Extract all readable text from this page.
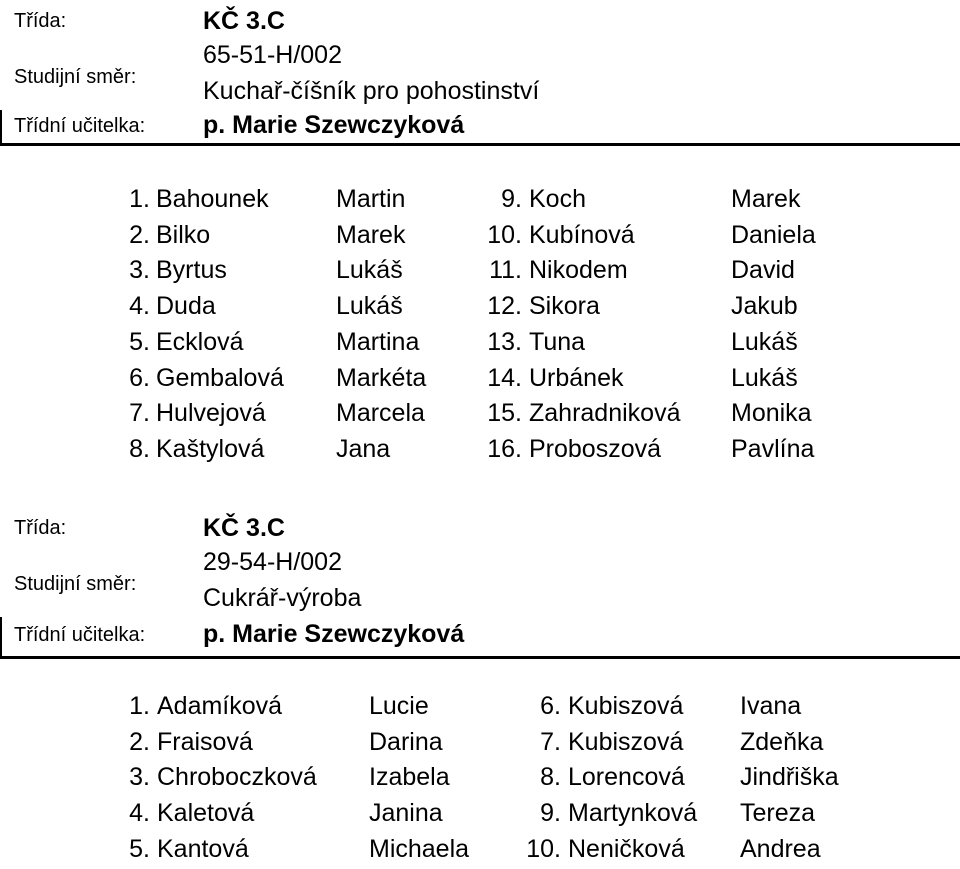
Třída:	KČ 3.C
Studijní směr:
65-51-H/002
Kuchař-číšník pro pohostinství
Třídní učitelka: p. Marie Szewczyková
1. Bahounek	Martin	9. Koch	Marek
2. Bilko	Marek	10. Kubínová	Daniela
3. Byrtus	Lukáš	11. Nikodem	David
4. Duda	Lukáš	12. Sikora	Jakub
5. Ecklová	Martina	13. Tuna	Lukáš
6. Gembalová Markéta 14. Urbánek	Lukáš
7. Hulvejová	Marcela 15. Zahradniková Monika
8. Kaštylová	Jana	16. Proboszová	Pavlína
Třída:	KČ 3.C
Studijní směr:
29-54-H/002
Cukrář-výroba
Třídní učitelka: p. Marie Szewczyková
1. Adamíková	Lucie	6. Kubiszová Ivana
2. Fraisová	Darina	7. Kubiszová Zdeňka
3. Chroboczková Izabela	8. Lorencová Jindřiška
4. Kaletová	Janina	9. Martynková Tereza
5. Kantová	Michaela 10. Neničková Andrea
